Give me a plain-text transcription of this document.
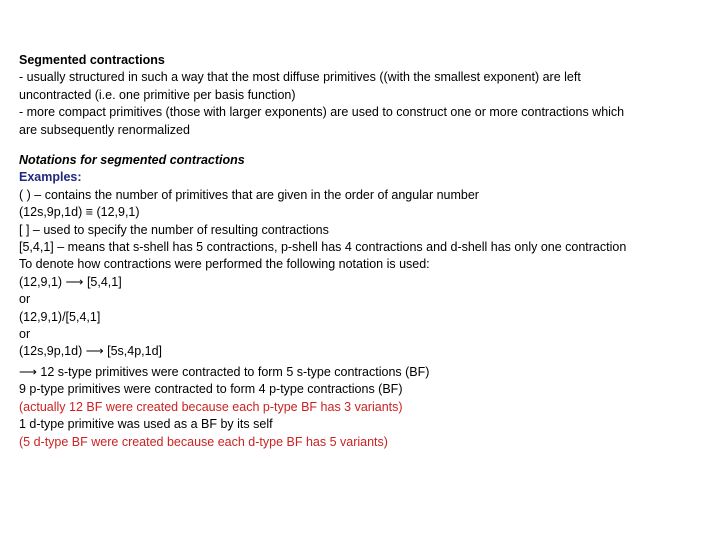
Segmented contractions
- usually structured in such a way that the most diffuse primitives ((with the smallest exponent) are left
uncontracted (i.e. one primitive per basis function)
- more compact primitives (those with larger exponents) are used to construct one or more contractions which
are subsequently renormalized
Notations for segmented contractions
Examples:
( ) – contains the number of primitives that are given in the order of angular number
(12s,9p,1d) ≡ (12,9,1)
[ ] – used to specify the number of resulting contractions
[5,4,1] – means that s-shell has 5 contractions, p-shell has 4 contractions and d-shell has only one contraction
To denote how contractions were performed the following notation is used:
(12,9,1) ⟶ [5,4,1]
or
(12,9,1)/[5,4,1]
or
(12s,9p,1d) ⟶ [5s,4p,1d]
⟶ 12 s-type primitives were contracted to form 5 s-type contractions (BF)
9 p-type primitives were contracted to form 4 p-type contractions (BF)
(actually 12 BF were created because each p-type BF has 3 variants)
1 d-type primitive was used as a BF by its self
(5 d-type BF were created because each d-type BF has 5 variants)
